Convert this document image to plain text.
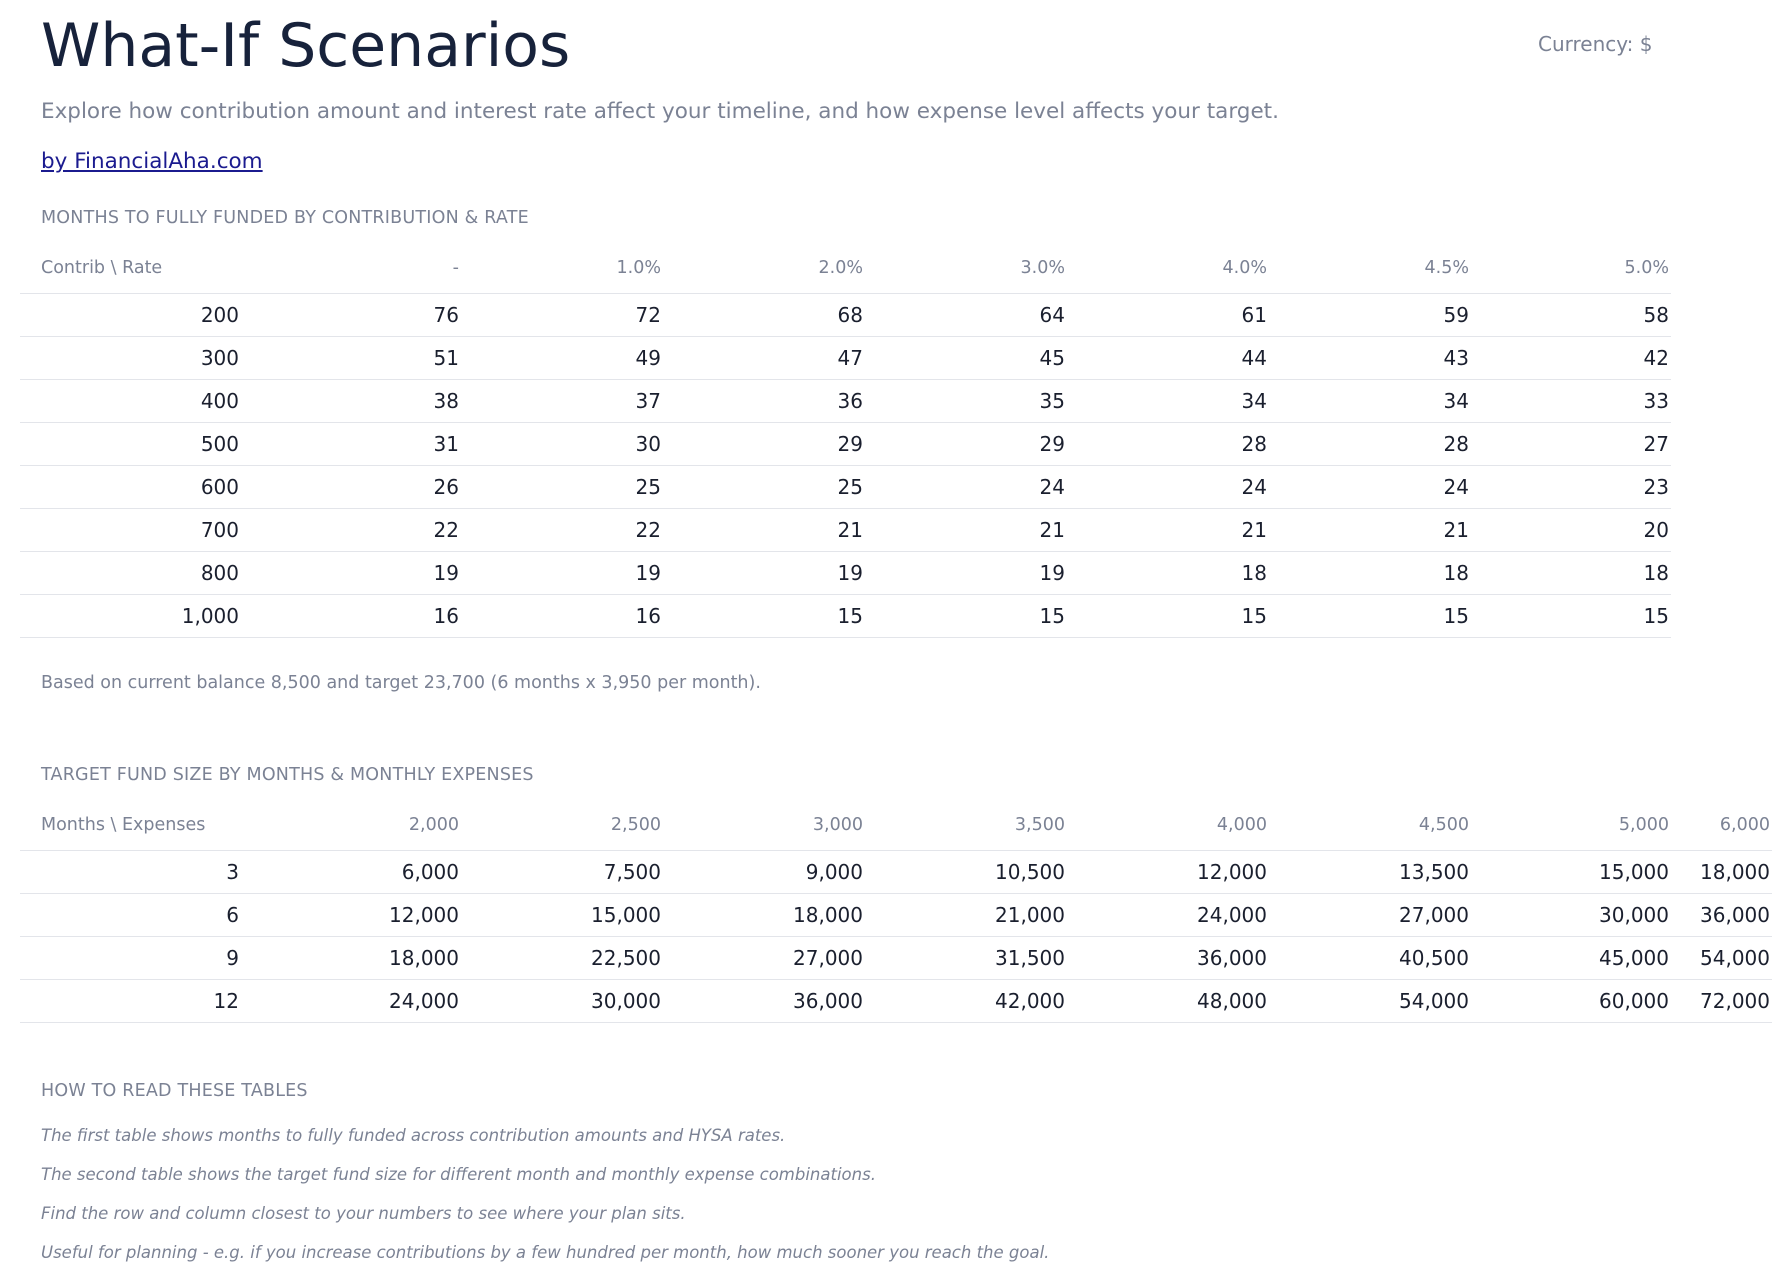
What-If Scenarios	Currency: $
Explore how contribution amount and interest rate affect your timeline, and how expense level affects your target.
by FinancialAha.com
MONTHS TO FULLY FUNDED BY CONTRIBUTION & RATE
Contrib \ Rate	-	1.0%	2.0%	3.0%	4.0%	4.5%	5.0%
200	76	72	68	64	61	59	58
300	51	49	47	45	44	43	42
400	38	37	36	35	34	34	33
500	31	30	29	29	28	28	27
600	26	25	25	24	24	24	23
700	22	22	21	21	21	21	20
800	19	19	19	19	18	18	18
1,000	16	16	15	15	15	15	15
Based on current balance 8,500 and target 23,700 (6 months x 3,950 per month).
TARGET FUND SIZE BY MONTHS & MONTHLY EXPENSES
Months \ Expenses	2,000	2,500	3,000	3,500	4,000	4,500	5,000	6,000
3	6,000	7,500	9,000	10,500	12,000	13,500	15,000	18,000
6	12,000	15,000	18,000	21,000	24,000	27,000	30,000	36,000
9	18,000	22,500	27,000	31,500	36,000	40,500	45,000	54,000
12	24,000	30,000	36,000	42,000	48,000	54,000	60,000	72,000
HOW TO READ THESE TABLES
The first table shows months to fully funded across contribution amounts and HYSA rates.
The second table shows the target fund size for different month and monthly expense combinations.
Find the row and column closest to your numbers to see where your plan sits.
Useful for planning - e.g. if you increase contributions by a few hundred per month, how much sooner you reach the goal.
